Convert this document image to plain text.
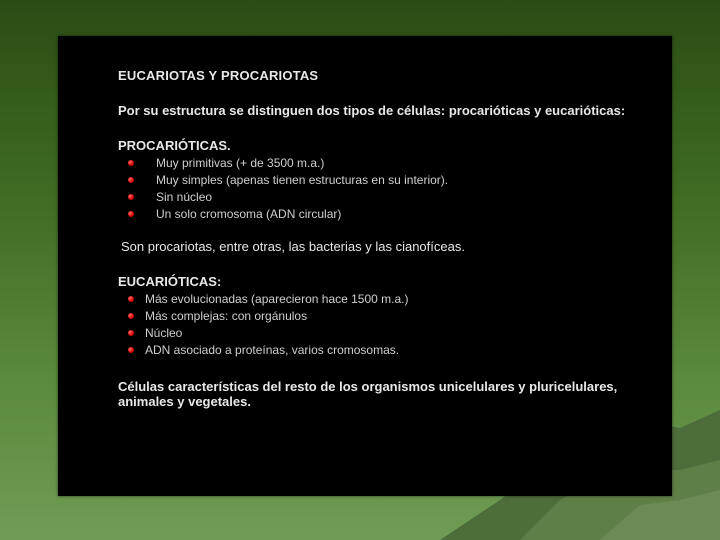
EUCARIOTAS Y PROCARIOTAS

Por su estructura se distinguen dos tipos de células: procarióticas y eucarióticas:

PROCARIÓTICAS.
Muy primitivas (+ de 3500 m.a.)
Muy simples (apenas tienen estructuras en su interior).
Sin núcleo
Un solo cromosoma (ADN circular)
Son procariotas, entre otras, las bacterias y las cianofíceas.
EUCARIÓTICAS:
Más evolucionadas (aparecieron hace 1500 m.a.)
Más complejas: con orgánulos
Núcleo
ADN asociado a proteínas, varios cromosomas.

Células características del resto de los organismos unicelulares y pluricelulares, animales y vegetales.
